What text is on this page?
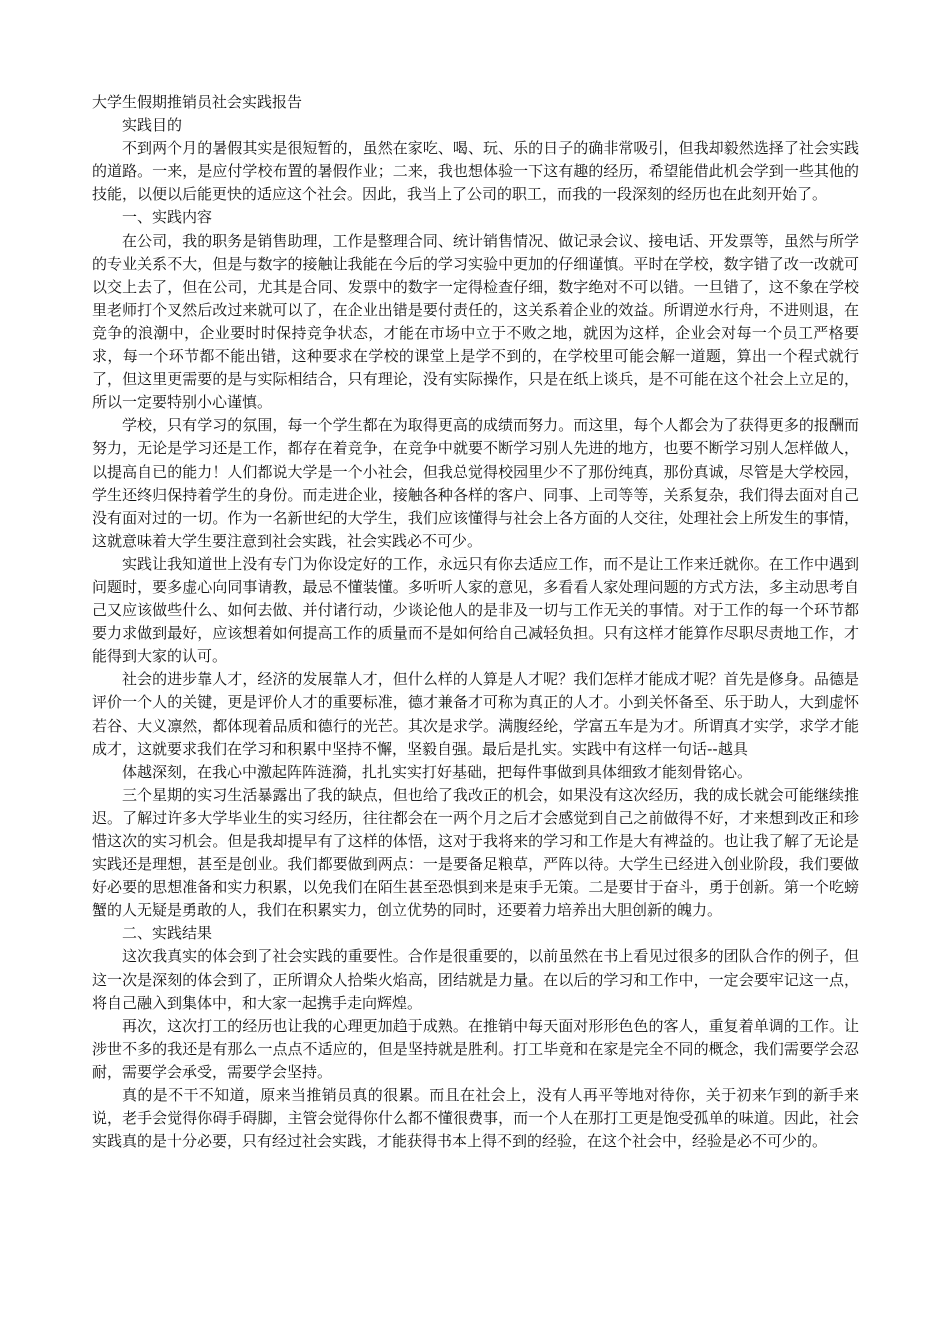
大学生假期推销员社会实践报告

实践目的

不到两个月的暑假其实是很短暂的，虽然在家吃、喝、玩、乐的日子的确非常吸引，但我却毅然选择了社会实践的道路。一来，是应付学校布置的暑假作业；二来，我也想体验一下这有趣的经历，希望能借此机会学到一些其他的技能，以便以后能更快的适应这个社会。因此，我当上了公司的职工，而我的一段深刻的经历也在此刻开始了。

一、实践内容

在公司，我的职务是销售助理，工作是整理合同、统计销售情况、做记录会议、接电话、开发票等，虽然与所学的专业关系不大，但是与数字的接触让我能在今后的学习实验中更加的仔细谨慎。平时在学校，数字错了改一改就可以交上去了，但在公司，尤其是合同、发票中的数字一定得检查仔细，数字绝对不可以错。一旦错了，这不象在学校里老师打个叉然后改过来就可以了，在企业出错是要付责任的，这关系着企业的效益。所谓逆水行舟，不进则退，在竞争的浪潮中，企业要时时保持竞争状态，才能在市场中立于不败之地，就因为这样，企业会对每一个员工严格要求，每一个环节都不能出错，这种要求在学校的课堂上是学不到的，在学校里可能会解一道题，算出一个程式就行了，但这里更需要的是与实际相结合，只有理论，没有实际操作，只是在纸上谈兵，是不可能在这个社会上立足的，所以一定要特别小心谨慎。

学校，只有学习的氛围，每一个学生都在为取得更高的成绩而努力。而这里，每个人都会为了获得更多的报酬而努力，无论是学习还是工作，都存在着竞争，在竞争中就要不断学习别人先进的地方，也要不断学习别人怎样做人，以提高自已的能力！人们都说大学是一个小社会，但我总觉得校园里少不了那份纯真，那份真诚，尽管是大学校园，学生还终归保持着学生的身份。而走进企业，接触各种各样的客户、同事、上司等等，关系复杂，我们得去面对自己没有面对过的一切。作为一名新世纪的大学生，我们应该懂得与社会上各方面的人交往，处理社会上所发生的事情，这就意味着大学生要注意到社会实践，社会实践必不可少。

实践让我知道世上没有专门为你设定好的工作，永远只有你去适应工作，而不是让工作来迁就你。在工作中遇到问题时，要多虚心向同事请教，最忌不懂装懂。多听听人家的意见，多看看人家处理问题的方式方法，多主动思考自己又应该做些什么、如何去做、并付诸行动，少谈论他人的是非及一切与工作无关的事情。对于工作的每一个环节都要力求做到最好，应该想着如何提高工作的质量而不是如何给自己减轻负担。只有这样才能算作尽职尽责地工作，才能得到大家的认可。

社会的进步靠人才，经济的发展靠人才，但什么样的人算是人才呢？我们怎样才能成才呢？首先是修身。品德是评价一个人的关键，更是评价人才的重要标准，德才兼备才可称为真正的人才。小到关怀备至、乐于助人，大到虚怀若谷、大义凛然，都体现着品质和德行的光芒。其次是求学。满腹经纶，学富五车是为才。所谓真才实学，求学才能成才，这就要求我们在学习和积累中坚持不懈，坚毅自强。最后是扎实。实践中有这样一句话--越具

体越深刻，在我心中激起阵阵涟漪，扎扎实实打好基础，把每件事做到具体细致才能刻骨铭心。

三个星期的实习生活暴露出了我的缺点，但也给了我改正的机会，如果没有这次经历，我的成长就会可能继续推迟。了解过许多大学毕业生的实习经历，往往都会在一两个月之后才会感觉到自己之前做得不好，才来想到改正和珍惜这次的实习机会。但是我却提早有了这样的体悟，这对于我将来的学习和工作是大有裨益的。也让我了解了无论是实践还是理想，甚至是创业。我们都要做到两点：一是要备足粮草，严阵以待。大学生已经进入创业阶段，我们要做好必要的思想准备和实力积累，以免我们在陌生甚至恐惧到来是束手无策。二是要甘于奋斗，勇于创新。第一个吃螃蟹的人无疑是勇敢的人，我们在积累实力，创立优势的同时，还要着力培养出大胆创新的魄力。

二、实践结果

这次我真实的体会到了社会实践的重要性。合作是很重要的，以前虽然在书上看见过很多的团队合作的例子，但这一次是深刻的体会到了，正所谓众人拾柴火焰高，团结就是力量。在以后的学习和工作中，一定会要牢记这一点，将自己融入到集体中，和大家一起携手走向辉煌。

再次，这次打工的经历也让我的心理更加趋于成熟。在推销中每天面对形形色色的客人，重复着单调的工作。让涉世不多的我还是有那么一点点不适应的，但是坚持就是胜利。打工毕竟和在家是完全不同的概念，我们需要学会忍耐，需要学会承受，需要学会坚持。

真的是不干不知道，原来当推销员真的很累。而且在社会上，没有人再平等地对待你，关于初来乍到的新手来说，老手会觉得你碍手碍脚，主管会觉得你什么都不懂很费事，而一个人在那打工更是饱受孤单的味道。因此，社会实践真的是十分必要，只有经过社会实践，才能获得书本上得不到的经验，在这个社会中，经验是必不可少的。
